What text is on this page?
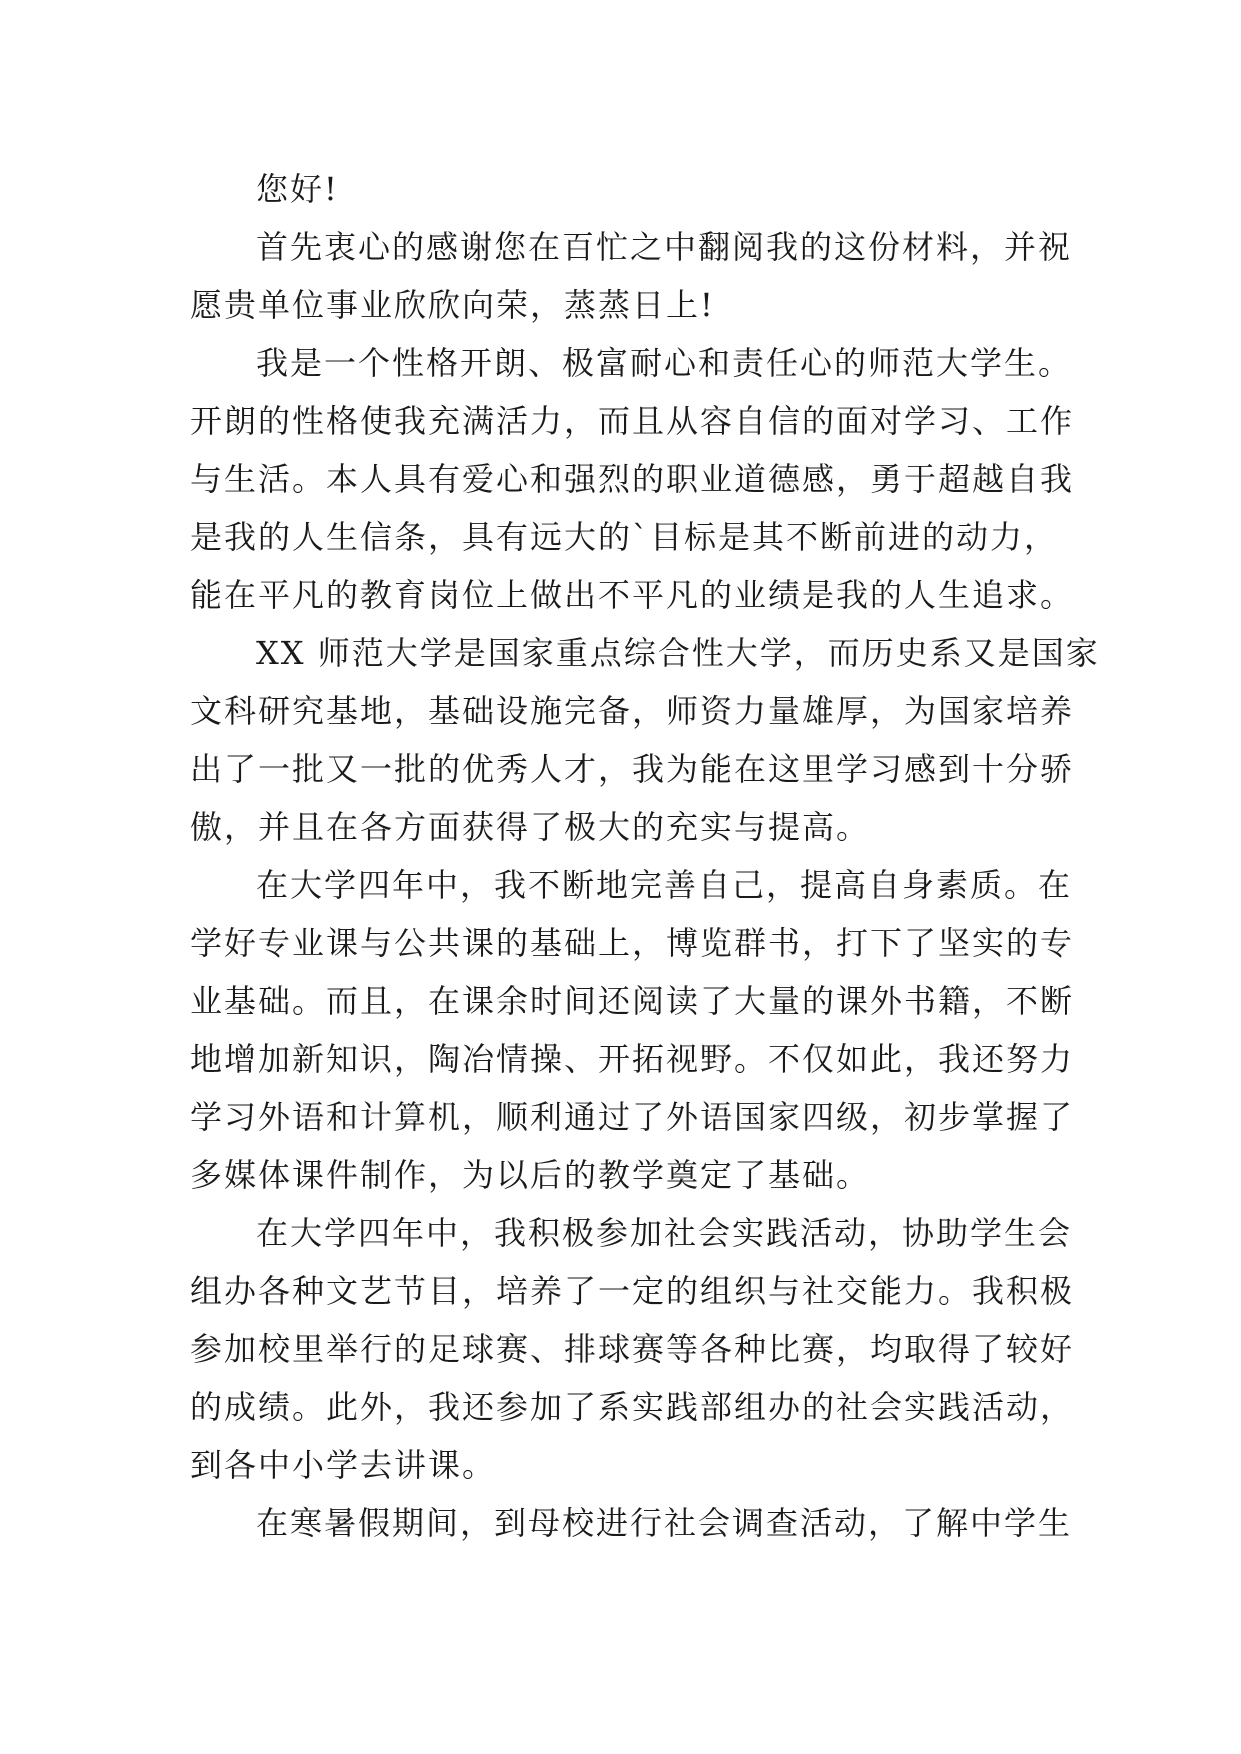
您好!
首先衷心的感谢您在百忙之中翻阅我的这份材料，并祝
愿贵单位事业欣欣向荣，蒸蒸日上!
我是一个性格开朗、极富耐心和责任心的师范大学生。
开朗的性格使我充满活力，而且从容自信的面对学习、工作
与生活。本人具有爱心和强烈的职业道德感，勇于超越自我
是我的人生信条，具有远大的`目标是其不断前进的动力，
能在平凡的教育岗位上做出不平凡的业绩是我的人生追求。
XX 师范大学是国家重点综合性大学，而历史系又是国家
文科研究基地，基础设施完备，师资力量雄厚，为国家培养
出了一批又一批的优秀人才，我为能在这里学习感到十分骄
傲，并且在各方面获得了极大的充实与提高。
在大学四年中，我不断地完善自己，提高自身素质。在
学好专业课与公共课的基础上，博览群书，打下了坚实的专
业基础。而且，在课余时间还阅读了大量的课外书籍，不断
地增加新知识，陶冶情操、开拓视野。不仅如此，我还努力
学习外语和计算机，顺利通过了外语国家四级，初步掌握了
多媒体课件制作，为以后的教学奠定了基础。
在大学四年中，我积极参加社会实践活动，协助学生会
组办各种文艺节目，培养了一定的组织与社交能力。我积极
参加校里举行的足球赛、排球赛等各种比赛，均取得了较好
的成绩。此外，我还参加了系实践部组办的社会实践活动，
到各中小学去讲课。
在寒暑假期间，到母校进行社会调查活动，了解中学生
